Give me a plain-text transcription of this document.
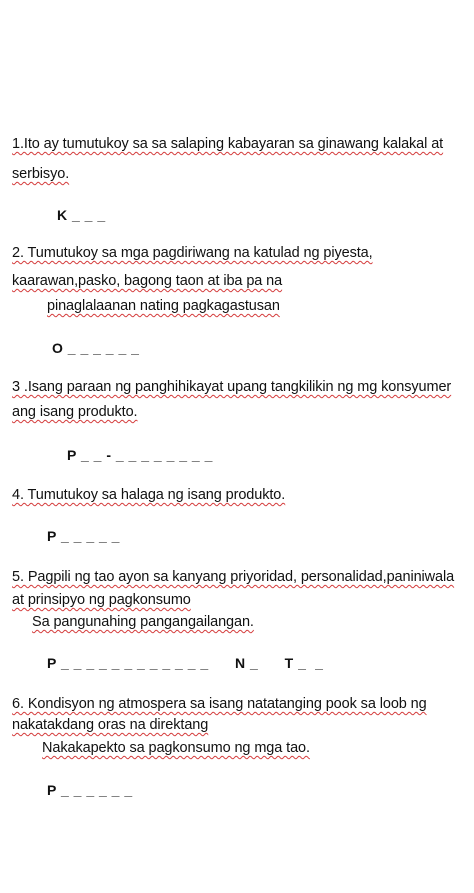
1.Ito ay tumutukoy sa sa salaping kabayaran sa ginawang kalakal at
serbisyo.
K _ _ _
2. Tumutukoy sa mga pagdiriwang na katulad ng piyesta,
kaarawan,pasko, bagong taon at iba pa na
pinaglalaanan nating pagkagastusan
O _ _ _ _ _ _
3 .Isang paraan ng panghihikayat upang tangkilikin ng mg konsyumer
ang isang produkto.
P _ _ - _ _ _ _ _ _ _ _
4. Tumutukoy sa halaga ng isang produkto.
P _ _ _ _ _
5. Pagpili ng tao ayon sa kanyang priyoridad, personalidad,paniniwala
at prinsipyo ng pagkonsumo
Sa pangunahing pangangailangan.
P _ _ _ _ _ _ _ _ _ _ _ _      N _      T _  _
6. Kondisyon ng atmospera sa isang natatanging pook sa loob ng
nakatakdang oras na direktang
Nakakapekto sa pagkonsumo ng mga tao.
P _ _ _ _ _ _
